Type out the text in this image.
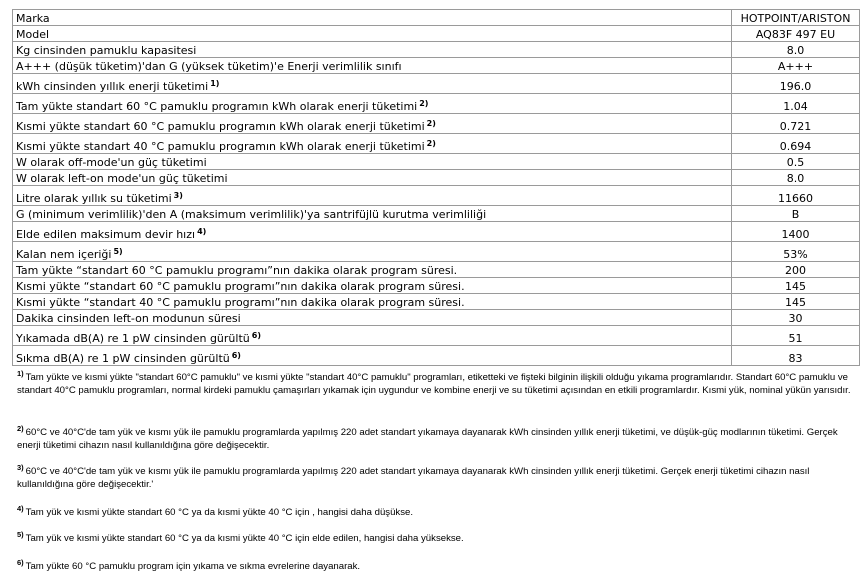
Marka	HOTPOINT/ARISTON
Model	AQ83F 497 EU
Kg cinsinden pamuklu kapasitesi	8.0
A+++ (düşük tüketim)'dan G (yüksek tüketim)'e Enerji verimlilik sınıfı	A+++
kWh cinsinden yıllık enerji tüketimi $^{1)}$	196.0
Tam yükte standart 60 °C pamuklu programın kWh olarak enerji tüketimi $^{2)}$	1.04
Kısmi yükte standart 60 °C pamuklu programın kWh olarak enerji tüketimi $^{2)}$	0.721
Kısmi yükte standart 40 °C pamuklu programın kWh olarak enerji tüketimi $^{2)}$	0.694
W olarak off-mode'un güç tüketimi	0.5
W olarak left-on mode'un güç tüketimi	8.0
Litre olarak yıllık su tüketimi $^{3)}$	11660
G (minimum verimlilik)'den A (maksimum verimlilik)'ya santrifüjlü kurutma verimliliği	B
Elde edilen maksimum devir hızı $^{4)}$	1400
Kalan nem içeriği $^{5)}$	53%
Tam yükte “standart 60 °C pamuklu programı”nın dakika olarak program süresi.	200
Kısmi yükte “standart 60 °C pamuklu programı”nın dakika olarak program süresi.	145
Kısmi yükte “standart 40 °C pamuklu programı”nın dakika olarak program süresi.	145
Dakika cinsinden left-on modunun süresi	30
Yıkamada dB(A) re 1 pW cinsinden gürültü $^{6)}$	51
Sıkma dB(A) re 1 pW cinsinden gürültü $^{6)}$	83
$^{1)}$ Tam yükte ve kısmi yükte "standart 60°C pamuklu" ve kısmi yükte "standart 40°C pamuklu" programları, etiketteki ve fişteki bilginin ilişkili olduğu yıkama programlarıdır. Standart 60°C pamuklu ve standart 40°C pamuklu programları, normal kirdeki pamuklu çamaşırları yıkamak için uygundur ve kombine enerji ve su tüketimi açısından en etkili programlardır. Kısmi yük, nominal yükün yarısıdır.
$^{2)}$ 60°C ve 40°C'de tam yük ve kısmı yük ile pamuklu programlarda yapılmış 220 adet standart yıkamaya dayanarak kWh cinsinden yıllık enerji tüketimi, ve düşük-güç modlarının tüketimi. Gerçek enerji tüketimi cihazın nasıl kullanıldığına göre değişecektir.
$^{3)}$ 60°C ve 40°C'de tam yük ve kısmı yük ile pamuklu programlarda yapılmış 220 adet standart yıkamaya dayanarak kWh cinsinden yıllık enerji tüketimi. Gerçek enerji tüketimi cihazın nasıl kullanıldığına göre değişecektir.'
$^{4)}$ Tam yük ve kısmi yükte standart 60 °C ya da kısmi yükte 40 °C için , hangisi daha düşükse.
$^{5)}$ Tam yük ve kısmi yükte standart 60 °C ya da kısmi yükte 40 °C için elde edilen, hangisi daha yüksekse.
$^{6)}$ Tam yükte 60 °C pamuklu program için yıkama ve sıkma evrelerine dayanarak.
